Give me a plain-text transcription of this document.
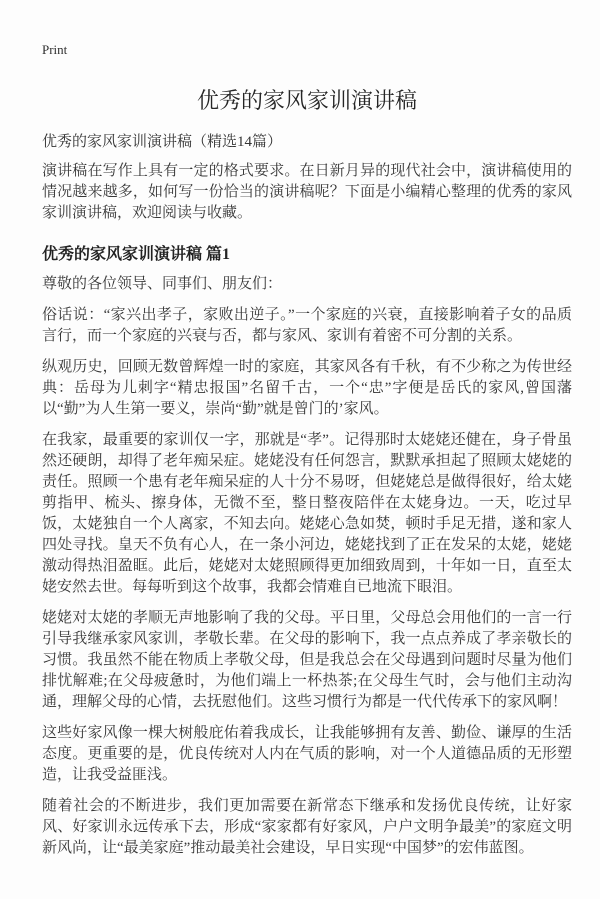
Print
优秀的家风家训演讲稿
优秀的家风家训演讲稿（精选14篇）

演讲稿在写作上具有一定的格式要求。在日新月异的现代社会中，演讲稿使用的情况越来越多，如何写一份恰当的演讲稿呢？下面是小编精心整理的优秀的家风家训演讲稿，欢迎阅读与收藏。

优秀的家风家训演讲稿 篇1

尊敬的各位领导、同事们、朋友们：

俗话说：“家兴出孝子，家败出逆子。”一个家庭的兴衰，直接影响着子女的品质言行，而一个家庭的兴衰与否，都与家风、家训有着密不可分割的关系。

纵观历史，回顾无数曾辉煌一时的家庭，其家风各有千秋，有不少称之为传世经典：岳母为儿刺字“精忠报国”名留千古，一个“忠”字便是岳氏的家风,曾国藩以“勤”为人生第一要义，崇尚“勤”就是曾门的’家风。

在我家，最重要的家训仅一字，那就是“孝”。记得那时太姥姥还健在，身子骨虽然还硬朗，却得了老年痴呆症。姥姥没有任何怨言，默默承担起了照顾太姥姥的责任。照顾一个患有老年痴呆症的人十分不易呀，但姥姥总是做得很好，给太姥剪指甲、梳头、擦身体，无微不至，整日整夜陪伴在太姥身边。一天，吃过早饭，太姥独自一个人离家，不知去向。姥姥心急如焚，顿时手足无措，遂和家人四处寻找。皇天不负有心人，在一条小河边，姥姥找到了正在发呆的太姥，姥姥激动得热泪盈眶。此后，姥姥对太姥照顾得更加细致周到，十年如一日，直至太姥安然去世。每每听到这个故事，我都会情难自已地流下眼泪。

姥姥对太姥的孝顺无声地影响了我的父母。平日里，父母总会用他们的一言一行引导我继承家风家训，孝敬长辈。在父母的影响下，我一点点养成了孝亲敬长的习惯。我虽然不能在物质上孝敬父母，但是我总会在父母遇到问题时尽量为他们排忧解难;在父母疲惫时，为他们端上一杯热茶;在父母生气时，会与他们主动沟通，理解父母的心情，去抚慰他们。这些习惯行为都是一代代传承下的家风啊！

这些好家风像一棵大树般庇佑着我成长，让我能够拥有友善、勤俭、谦厚的生活态度。更重要的是，优良传统对人内在气质的影响，对一个人道德品质的无形塑造，让我受益匪浅。

随着社会的不断进步，我们更加需要在新常态下继承和发扬优良传统，让好家风、好家训永远传承下去，形成“家家都有好家风，户户文明争最美”的家庭文明新风尚，让“最美家庭”推动最美社会建设，早日实现“中国梦”的宏伟蓝图。
